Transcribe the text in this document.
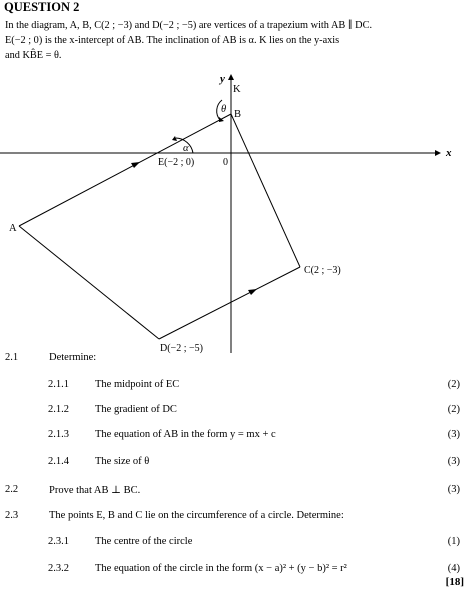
QUESTION 2

In the diagram, A, B, C(2 ; −3) and D(−2 ; −5) are vertices of a trapezium with AB ∥ DC.

E(−2 ; 0) is the x-intercept of AB. The inclination of AB is α. K lies on the y-axis

and KB̂E = θ.

x
y
0
K
B
θ
α
E(−2 ; 0)
A
C(2 ; −3)
D(−2 ; −5)
2.1	Determine:
2.1.1 The midpoint of EC	(2)
2.1.2 The gradient of DC	(2)
2.1.3 The equation of AB in the form y = mx + c	(3)
2.1.4 The size of θ	(3)
2.2	Prove that AB ⊥ BC.	(3)
2.3	The points E, B and C lie on the circumference of a circle. Determine:
2.3.1 The centre of the circle	(1)
2.3.2 The equation of the circle in the form (x − a)² + (y − b)² = r²	(4)
[18]
